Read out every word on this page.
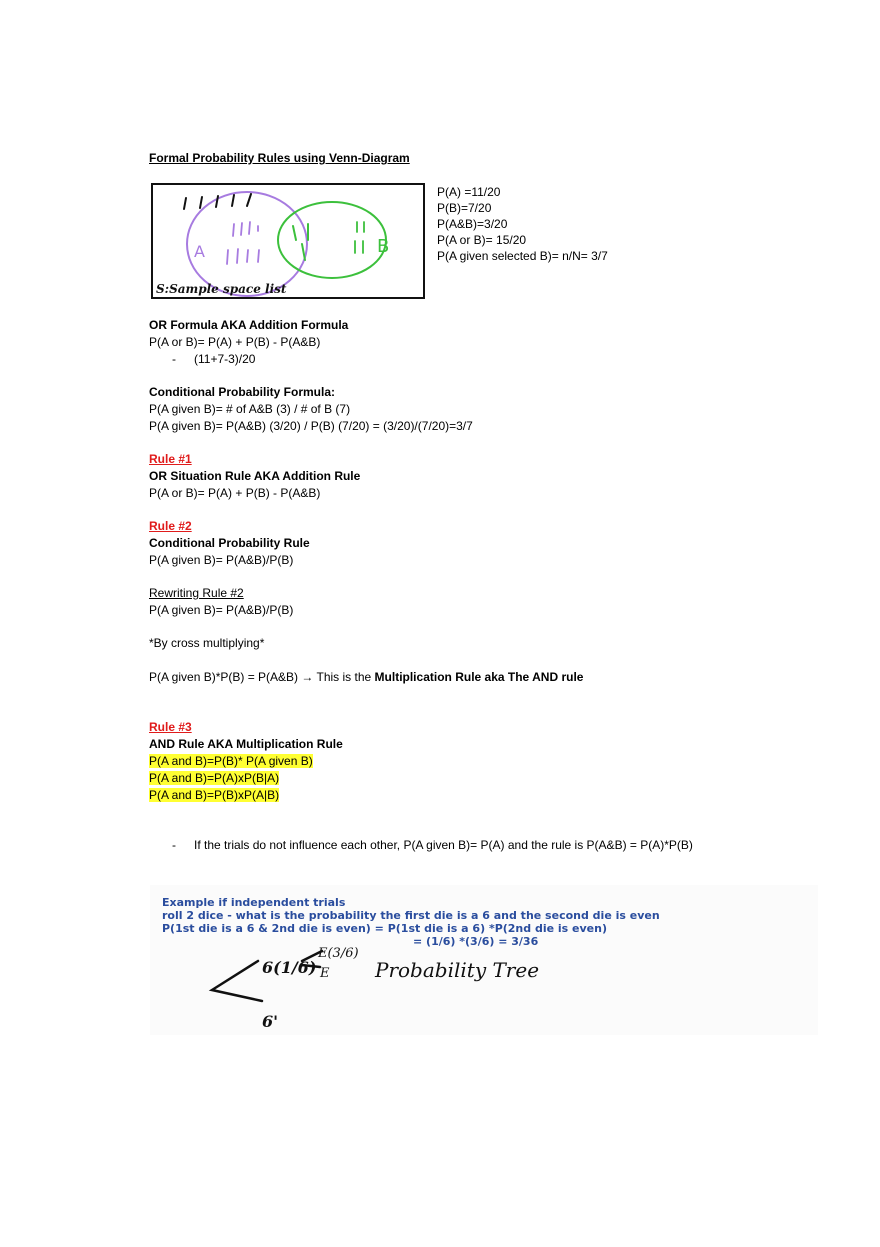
Formal Probability Rules using Venn-Diagram
A	B
S:Sample space list
P(A) =11/20
P(B)=7/20
P(A&B)=3/20
P(A or B)= 15/20
P(A given selected B)= n/N= 3/7
OR Formula AKA Addition Formula
P(A or B)= P(A) + P(B) - P(A&B)
- (11+7-3)/20
Conditional Probability Formula:
P(A given B)= # of A&B (3) / # of B (7)
P(A given B)= P(A&B) (3/20) / P(B) (7/20) = (3/20)/(7/20)=3/7
Rule #1
OR Situation Rule AKA Addition Rule
P(A or B)= P(A) + P(B) - P(A&B)
Rule #2
Conditional Probability Rule
P(A given B)= P(A&B)/P(B)
Rewriting Rule #2
P(A given B)= P(A&B)/P(B)
*By cross multiplying*
P(A given B)*P(B) = P(A&B) → This is the Multiplication Rule aka The AND rule
Rule #3
AND Rule AKA Multiplication Rule
P(A and B)=P(B)* P(A given B)
P(A and B)=P(A)xP(B|A)
P(A and B)=P(B)xP(A|B)
- If the trials do not influence each other, P(A given B)= P(A) and the rule is P(A&B) = P(A)*P(B)
Example if independent trials
roll 2 dice - what is the probability the first die is a 6 and the second die is even
P(1st die is a 6 & 2nd die is even) = P(1st die is a 6) *P(2nd die is even)
= (1/6) *(3/6) = 3/36
6(1/6)
E(3/6)
E
6'
Probability Tree
